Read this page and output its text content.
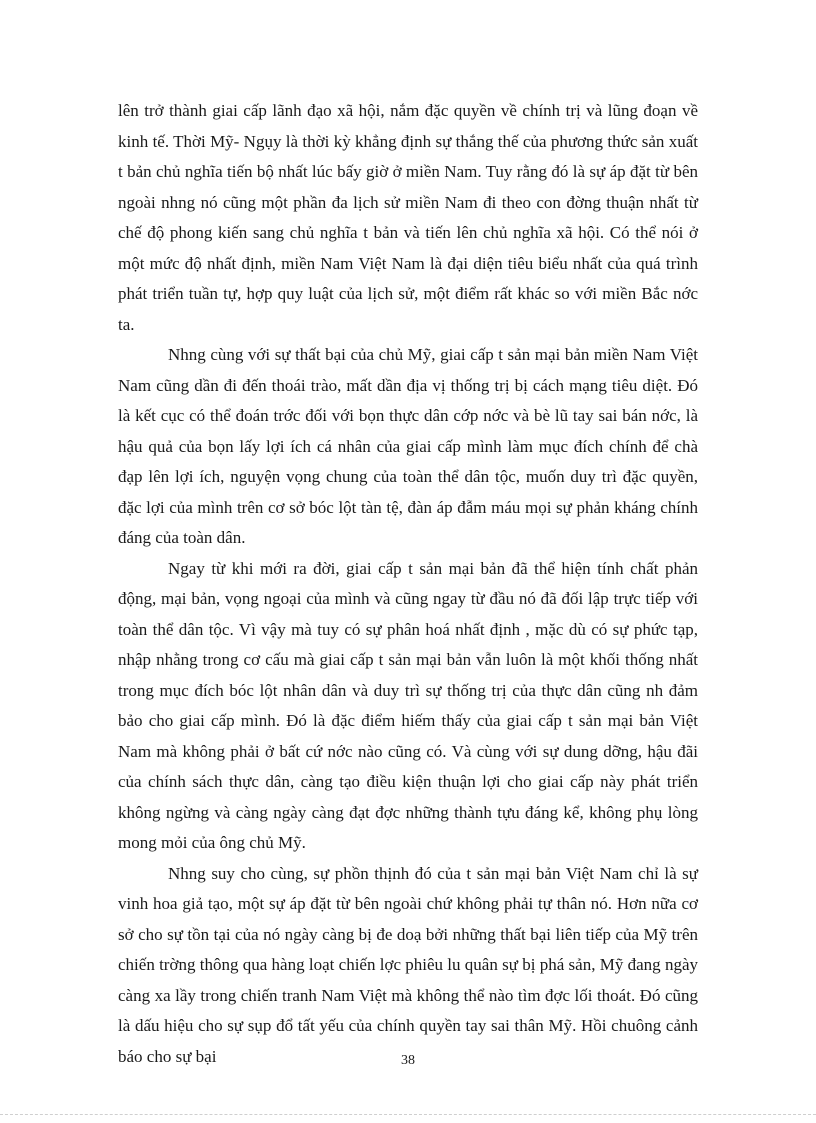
lên trở thành giai cấp lãnh đạo xã hội, nắm đặc quyền về chính trị và lũng đoạn về kinh tế. Thời Mỹ- Ngụy là thời kỳ khẳng định sự thắng thế của phương thức sản xuất t bản chủ nghĩa tiến bộ nhất lúc bấy giờ ở miền Nam. Tuy rằng đó là sự áp đặt từ bên ngoài nhng nó cũng một phần đa lịch sử miền Nam đi theo con đờng thuận nhất từ chế độ phong kiến sang chủ nghĩa t bản và tiến lên chủ nghĩa xã hội. Có thể nói ở một mức độ nhất định, miền Nam Việt Nam là đại diện tiêu biểu nhất của quá trình phát triển tuần tự, hợp quy luật của lịch sử, một điểm rất khác so với miền Bắc nớc ta.

Nhng cùng với sự thất bại của chủ Mỹ, giai cấp t sản mại bản miền Nam Việt Nam cũng dần đi đến thoái trào, mất dần địa vị thống trị bị cách mạng tiêu diệt. Đó là kết cục có thể đoán trớc đối với bọn thực dân cớp nớc và bè lũ tay sai bán nớc, là hậu quả của bọn lấy lợi ích cá nhân của giai cấp mình làm mục đích chính để chà đạp lên lợi ích, nguyện vọng chung của toàn thể dân tộc, muốn duy trì đặc quyền, đặc lợi của mình trên cơ sở bóc lột tàn tệ, đàn áp đẫm máu mọi sự phản kháng chính đáng của toàn dân.

Ngay từ khi mới ra đời, giai cấp t sản mại bản đã thể hiện tính chất phản động, mại bản, vọng ngoại của mình và cũng ngay từ đầu nó đã đối lập trực tiếp với toàn thể dân tộc. Vì vậy mà tuy có sự phân hoá nhất định , mặc dù có sự phức tạp, nhập nhằng trong cơ cấu mà giai cấp t sản mại bản vẫn luôn là một khối thống nhất trong mục đích bóc lột nhân dân và duy trì sự thống trị của thực dân cũng nh đảm bảo cho giai cấp mình. Đó là đặc điểm hiếm thấy của giai cấp t sản mại bản Việt Nam mà không phải ở bất cứ nớc nào cũng có. Và cùng với sự dung dỡng, hậu đãi của chính sách thực dân, càng tạo điều kiện thuận lợi cho giai cấp này phát triển không ngừng và càng ngày càng đạt đợc những thành tựu đáng kể, không phụ lòng mong mỏi của ông chủ Mỹ.

Nhng suy cho cùng, sự phồn thịnh đó của t sản mại bản Việt Nam chỉ là sự vinh hoa giả tạo, một sự áp đặt từ bên ngoài chứ không phải tự thân nó. Hơn nữa cơ sở cho sự tồn tại của nó ngày càng bị đe doạ bởi những thất bại liên tiếp của Mỹ trên chiến trờng thông qua hàng loạt chiến lợc phiêu lu quân sự bị phá sản, Mỹ đang ngày càng xa lầy trong chiến tranh Nam Việt mà không thể nào tìm đợc lối thoát. Đó cũng là dấu hiệu cho sự sụp đổ tất yếu của chính quyền tay sai thân Mỹ. Hồi chuông cảnh báo cho sự bại	38
